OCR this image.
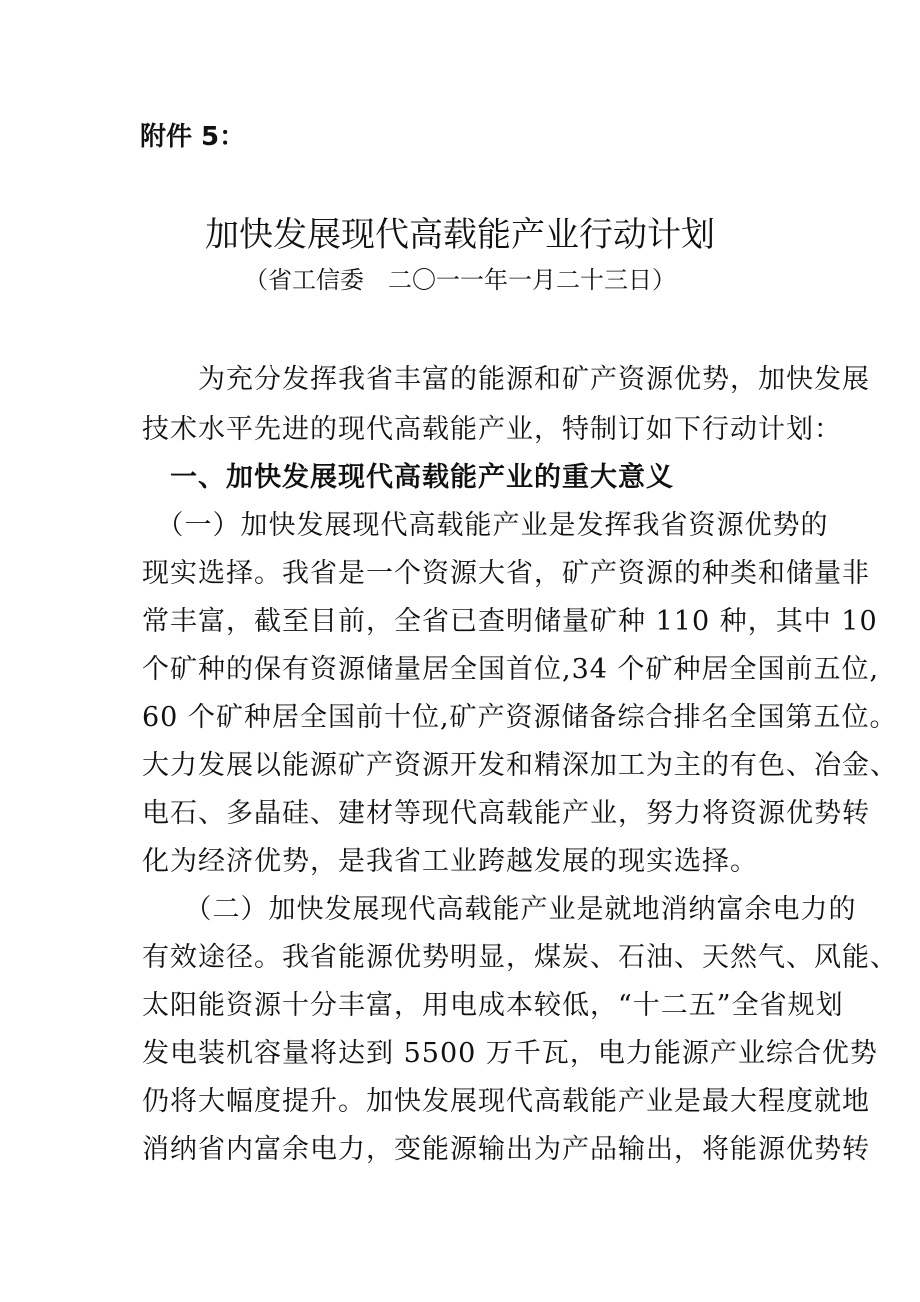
附件 5：
加快发展现代高载能产业行动计划
（省工信委　二〇一一年一月二十三日）
　　为充分发挥我省丰富的能源和矿产资源优势，加快发展
技术水平先进的现代高载能产业，特制订如下行动计划：
　一、加快发展现代高载能产业的重大意义
　（一）加快发展现代高载能产业是发挥我省资源优势的
现实选择。我省是一个资源大省，矿产资源的种类和储量非
常丰富，截至目前，全省已查明储量矿种 110 种，其中 10
个矿种的保有资源储量居全国首位,34 个矿种居全国前五位,
60 个矿种居全国前十位,矿产资源储备综合排名全国第五位。
大力发展以能源矿产资源开发和精深加工为主的有色、冶金、
电石、多晶硅、建材等现代高载能产业，努力将资源优势转
化为经济优势，是我省工业跨越发展的现实选择。
　　（二）加快发展现代高载能产业是就地消纳富余电力的
有效途径。我省能源优势明显，煤炭、石油、天然气、风能、
太阳能资源十分丰富，用电成本较低，“十二五”全省规划
发电装机容量将达到 5500 万千瓦，电力能源产业综合优势
仍将大幅度提升。加快发展现代高载能产业是最大程度就地
消纳省内富余电力，变能源输出为产品输出，将能源优势转
